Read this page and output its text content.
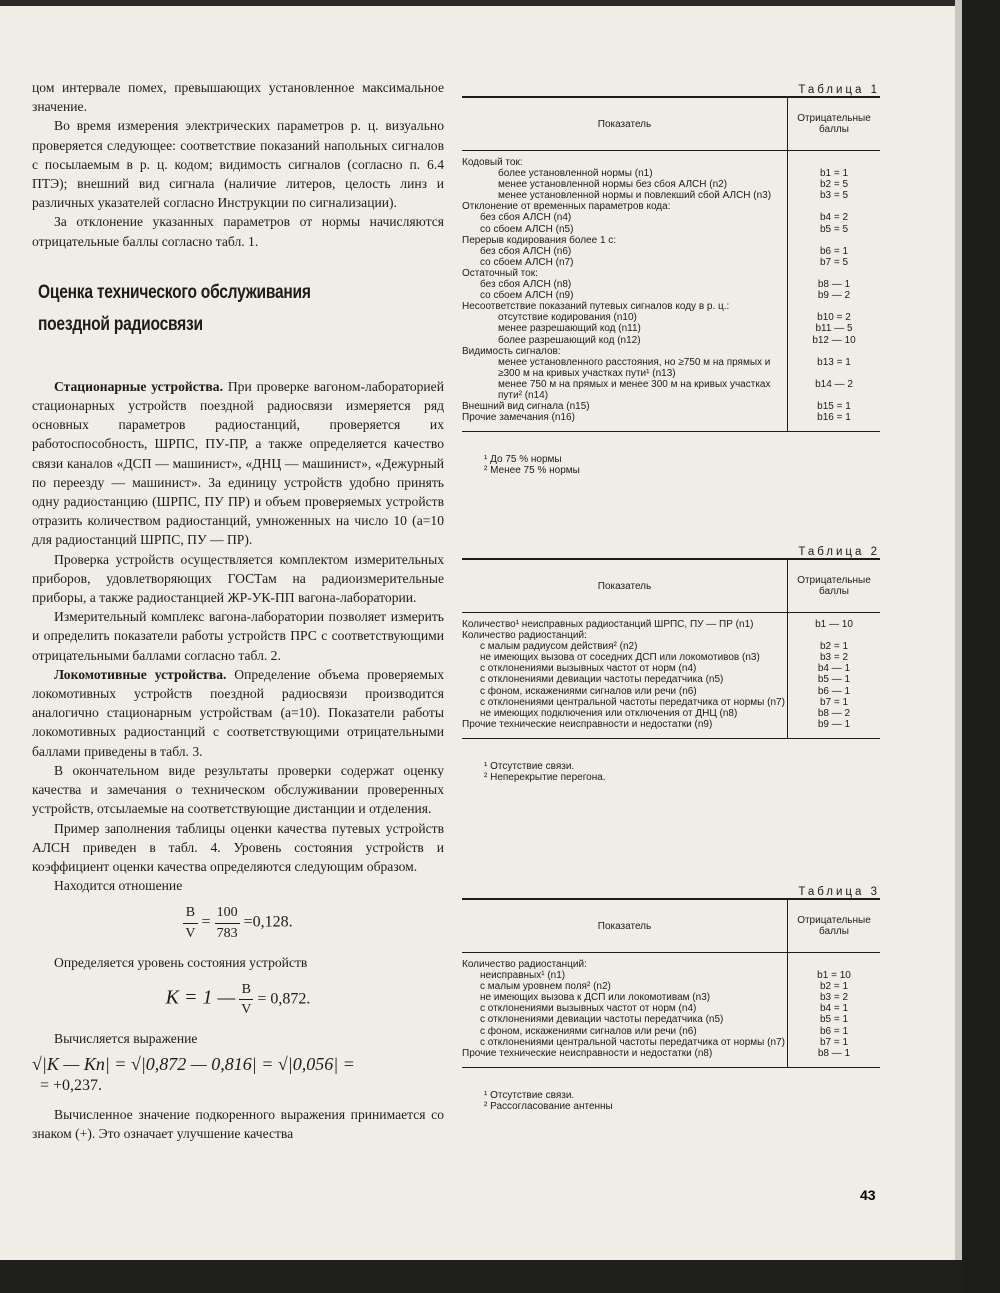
цом интервале помех, превышающих установленное максимальное значение.

Во время измерения электрических параметров р. ц. визуально проверяется следующее: соответствие показаний напольных сигналов с посылаемым в р. ц. кодом; видимость сигналов (согласно п. 6.4 ПТЭ); внешний вид сигнала (наличие литеров, целость линз и различных указателей согласно Инструкции по сигнализации).

За отклонение указанных параметров от нормы начисляются отрицательные баллы согласно табл. 1.

Оценка технического обслуживания
поездной радиосвязи

Стационарные устройства. При проверке вагоном-лабораторией стационарных устройств поездной радиосвязи измеряется ряд основных параметров радиостанций, проверяется их работоспособность, ШРПС, ПУ-ПР, а также определяется качество связи каналов «ДСП — машинист», «ДНЦ — машинист», «Дежурный по переезду — машинист». За единицу устройств удобно принять одну радиостанцию (ШРПС, ПУ ПР) и объем проверяемых устройств отразить количеством радиостанций, умноженных на число 10 (a=10 для радиостанций ШРПС, ПУ — ПР).

Проверка устройств осуществляется комплектом измерительных приборов, удовлетворяющих ГОСТам на радиоизмерительные приборы, а также радиостанцией ЖР-УК-ПП вагона-лаборатории.

Измерительный комплекс вагона-лаборатории позволяет измерить и определить показатели работы устройств ПРС с соответствующими отрицательными баллами согласно табл. 2.

Локомотивные устройства. Определение объема проверяемых локомотивных устройств поездной радиосвязи производится аналогично стационарным устройствам (a=10). Показатели работы локомотивных радиостанций с соответствующими отрицательными баллами приведены в табл. 3.

В окончательном виде результаты проверки содержат оценку качества и замечания о техническом обслуживании проверенных устройств, отсылаемые на соответствующие дистанции и отделения.

Пример заполнения таблицы оценки качества путевых устройств АЛСН приведен в табл. 4. Уровень состояния устройств и коэффициент оценки качества определяются следующим образом.

Находится отношение

$\frac{B}{V} = \frac{100}{783} =0,128$.

Определяется уровень состояния устройств

K = 1 — $\frac{B}{V} = 0,872$.

Вычисляется выражение

√|K — Kп| = √|0,872 — 0,816| = √|0,056| =
= +0,237.

Вычисленное значение подкоренного выражения принимается со знаком (+). Это означает улучшение качества

Таблица 1
Показатель	Отрицательные баллы
Кодовый ток:	
более установленной нормы (n1)	b1 = 1
менее установленной нормы без сбоя АЛСН (n2)	b2 = 5
менее установленной нормы и повлекший сбой АЛСН (n3)	b3 = 5
Отклонение от временных параметров кода:	
без сбоя АЛСН (n4)	b4 = 2
со сбоем АЛСН (n5)	b5 = 5
Перерыв кодирования более 1 с:	
без сбоя АЛСН (n6)	b6 = 1
со сбоем АЛСН (n7)	b7 = 5
Остаточный ток:	
без сбоя АЛСН (n8)	b8 — 1
со сбоем АЛСН (n9)	b9 — 2
Несоответствие показаний путевых сигналов коду в р. ц.:	
отсутствие кодирования (n10)	b10 = 2
менее разрешающий код (n11)	b11 — 5
более разрешающий код (n12)	b12 — 10
Видимость сигналов:	
менее установленного расстояния, но ≥750 м на прямых и ≥300 м на кривых участках пути¹ (n13)	b13 = 1
менее 750 м на прямых и менее 300 м на кривых участках пути² (n14)	b14 — 2
Внешний вид сигнала (n15)	b15 = 1
Прочие замечания (n16)	b16 = 1

¹ До 75 % нормы
² Менее 75 % нормы
Таблица 2
Показатель	Отрицательные баллы
Количество¹ неисправных радиостанций ШРПС, ПУ — ПР (n1)	b1 — 10
Количество радиостанций:	
с малым радиусом действия² (n2)	b2 = 1
не имеющих вызова от соседних ДСП или локомотивов (n3)	b3 = 2
с отклонениями вызывных частот от норм (n4)	b4 — 1
с отклонениями девиации частоты передатчика (n5)	b5 — 1
с фоном, искажениями сигналов или речи (n6)	b6 — 1
с отклонениями центральной частоты передатчика от нормы (n7)	b7 = 1
не имеющих подключения или отключения от ДНЦ (n8)	b8 — 2
Прочие технические неисправности и недостатки (n9)	b9 — 1

¹ Отсутствие связи.
² Неперекрытие перегона.
Таблица 3
Показатель	Отрицательные баллы
Количество радиостанций:	
неисправных¹ (n1)	b1 = 10
с малым уровнем поля² (n2)	b2 = 1
не имеющих вызова к ДСП или локомотивам (n3)	b3 = 2
с отклонениями вызывных частот от норм (n4)	b4 = 1
с отклонениями девиации частоты передатчика (n5)	b5 = 1
с фоном, искажениями сигналов или речи (n6)	b6 = 1
с отклонениями центральной частоты передатчика от нормы (n7)	b7 = 1
Прочие технические неисправности и недостатки (n8)	b8 — 1

¹ Отсутствие связи.
² Рассогласование антенны
43
